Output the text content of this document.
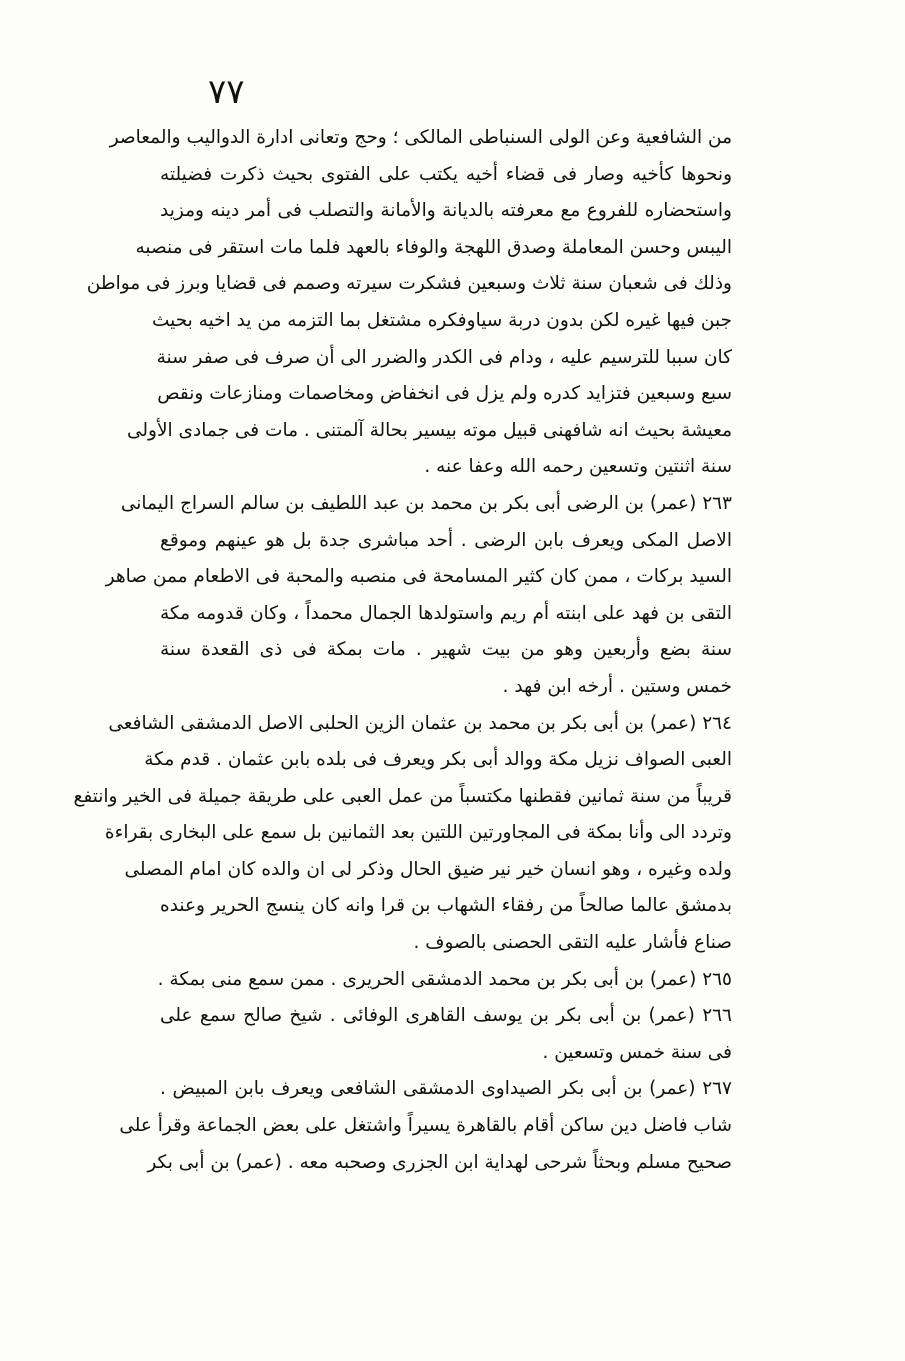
٧٧
من الشافعية وعن الولى السنباطى المالكى ؛ وحج وتعانى ادارة الدواليب والمعاصر
ونحوها كأخيه وصار فى قضاء أخيه يكتب على الفتوى بحيث ذكرت فضيلته
واستحضاره للفروع مع معرفته بالديانة والأمانة والتصلب فى أمر دينه ومزيد
اليبس وحسن المعاملة وصدق اللهجة والوفاء بالعهد فلما مات استقر فى منصبه
وذلك فى شعبان سنة ثلاث وسبعين فشكرت سيرته وصمم فى قضايا وبرز فى مواطن
جبن فيها غيره لكن بدون دربة سياوفكره مشتغل بما التزمه من يد اخيه بحيث
كان سببا للترسيم عليه ، ودام فى الكدر والضرر الى أن صرف فى صفر سنة
سبع وسبعين فتزايد كدره ولم يزل فى انخفاض ومخاصمات ومنازعات ونقص
معيشة بحيث انه شافهنى قبيل موته بيسير بحالة آلمتنى . مات فى جمادى الأولى
سنة اثنتين وتسعين رحمه الله وعفا عنه .
٢٦٣ (عمر) بن الرضى أبى بكر بن محمد بن عبد اللطيف بن سالم السراج اليمانى
الاصل المكى ويعرف بابن الرضى . أحد مباشرى جدة بل هو عينهم وموقع
السيد بركات ، ممن كان كثير المسامحة فى منصبه والمحبة فى الاطعام ممن صاهر
التقى بن فهد على ابنته أم ريم واستولدها الجمال محمداً ، وكان قدومه مكة
سنة بضع وأربعين وهو من بيت شهير . مات بمكة فى ذى القعدة سنة
خمس وستين . أرخه ابن فهد .
٢٦٤ (عمر) بن أبى بكر بن محمد بن عثمان الزين الحلبى الاصل الدمشقى الشافعى
العبى الصواف نزيل مكة ووالد أبى بكر ويعرف فى بلده بابن عثمان . قدم مكة
قريباً من سنة ثمانين فقطنها مكتسباً من عمل العبى على طريقة جميلة فى الخير وانتفع
وتردد الى وأنا بمكة فى المجاورتين اللتين بعد الثمانين بل سمع على البخارى بقراءة
ولده وغيره ، وهو انسان خير نير ضيق الحال وذكر لى ان والده كان امام المصلى
بدمشق عالما صالحاً من رفقاء الشهاب بن قرا وانه كان ينسج الحرير وعنده
صناع فأشار عليه التقى الحصنى بالصوف .
٢٦٥ (عمر) بن أبى بكر بن محمد الدمشقى الحريرى . ممن سمع منى بمكة .
٢٦٦ (عمر) بن أبى بكر بن يوسف القاهرى الوفائى . شيخ صالح سمع على
فى سنة خمس وتسعين .
٢٦٧ (عمر) بن أبى بكر الصيداوى الدمشقى الشافعى ويعرف بابن المبيض .
شاب فاضل دين ساكن أقام بالقاهرة يسيراً واشتغل على بعض الجماعة وقرأ على
صحيح مسلم وبحثاً شرحى لهداية ابن الجزرى وصحبه معه . (عمر) بن أبى بكر
